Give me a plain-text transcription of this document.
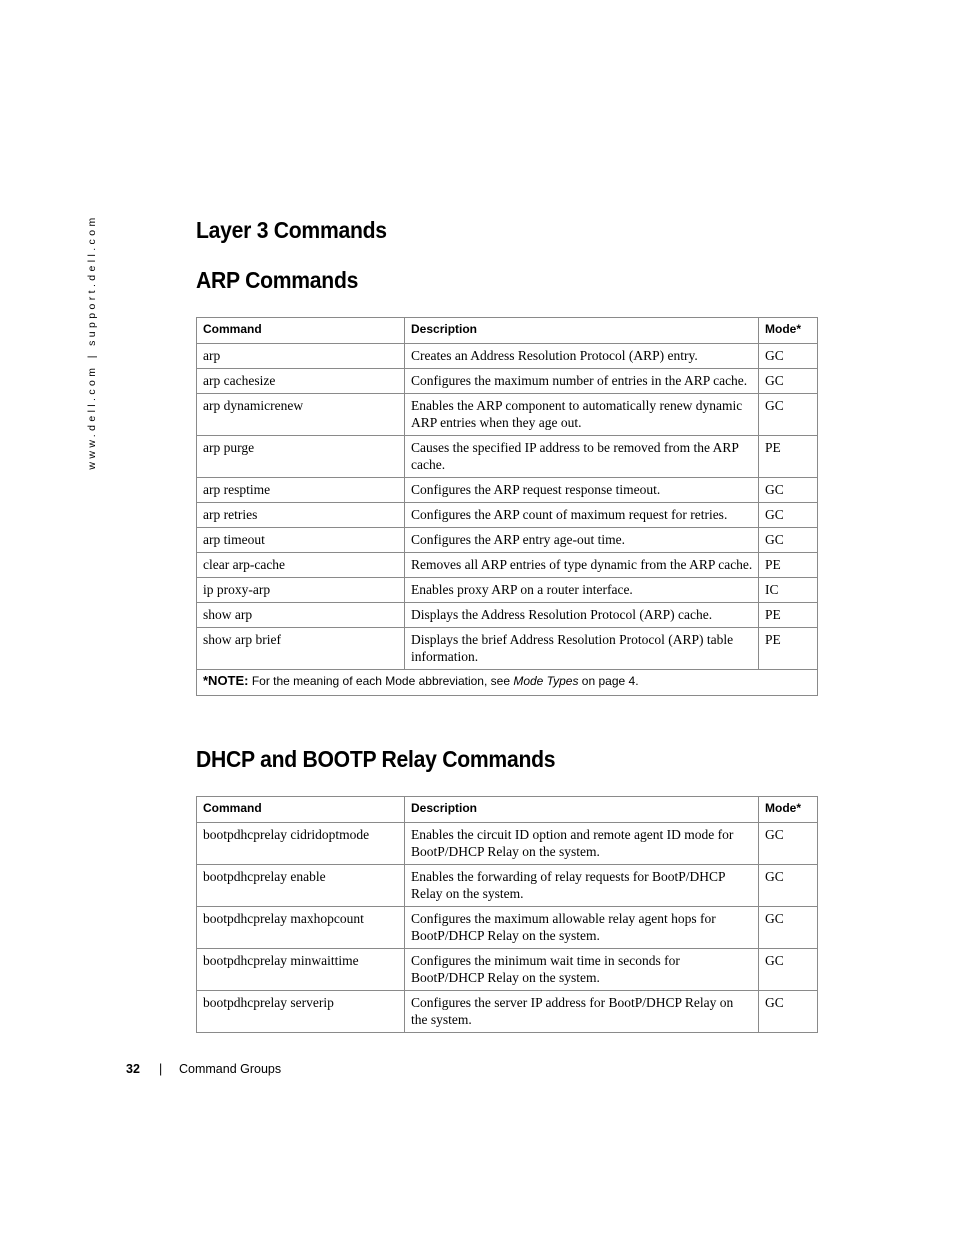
www.dell.com | support.dell.com	Layer 3 Commands
ARP Commands
Command	Description	Mode*
arp	Creates an Address Resolution Protocol (ARP) entry.	GC
arp cachesize	Configures the maximum number of entries in the ARP cache.	GC
arp dynamicrenew	Enables the ARP component to automatically renew dynamic ARP entries when they age out.	GC
arp purge	Causes the specified IP address to be removed from the ARP cache.	PE
arp resptime	Configures the ARP request response timeout.	GC
arp retries	Configures the ARP count of maximum request for retries.	GC
arp timeout	Configures the ARP entry age-out time.	GC
clear arp-cache	Removes all ARP entries of type dynamic from the ARP cache.	PE
ip proxy-arp	Enables proxy ARP on a router interface.	IC
show arp	Displays the Address Resolution Protocol (ARP) cache.	PE
show arp brief	Displays the brief Address Resolution Protocol (ARP) table information.	PE
*NOTE: For the meaning of each Mode abbreviation, see Mode Types on page 4.		
DHCP and BOOTP Relay Commands
Command	Description	Mode*
bootpdhcprelay cidridoptmode	Enables the circuit ID option and remote agent ID mode for BootP/DHCP Relay on the system.	GC
bootpdhcprelay enable	Enables the forwarding of relay requests for BootP/DHCP Relay on the system.	GC
bootpdhcprelay maxhopcount	Configures the maximum allowable relay agent hops for BootP/DHCP Relay on the system.	GC
bootpdhcprelay minwaittime	Configures the minimum wait time in seconds for BootP/DHCP Relay on the system.	GC
bootpdhcprelay serverip	Configures the server IP address for BootP/DHCP Relay on the system.	GC
32 | Command Groups
